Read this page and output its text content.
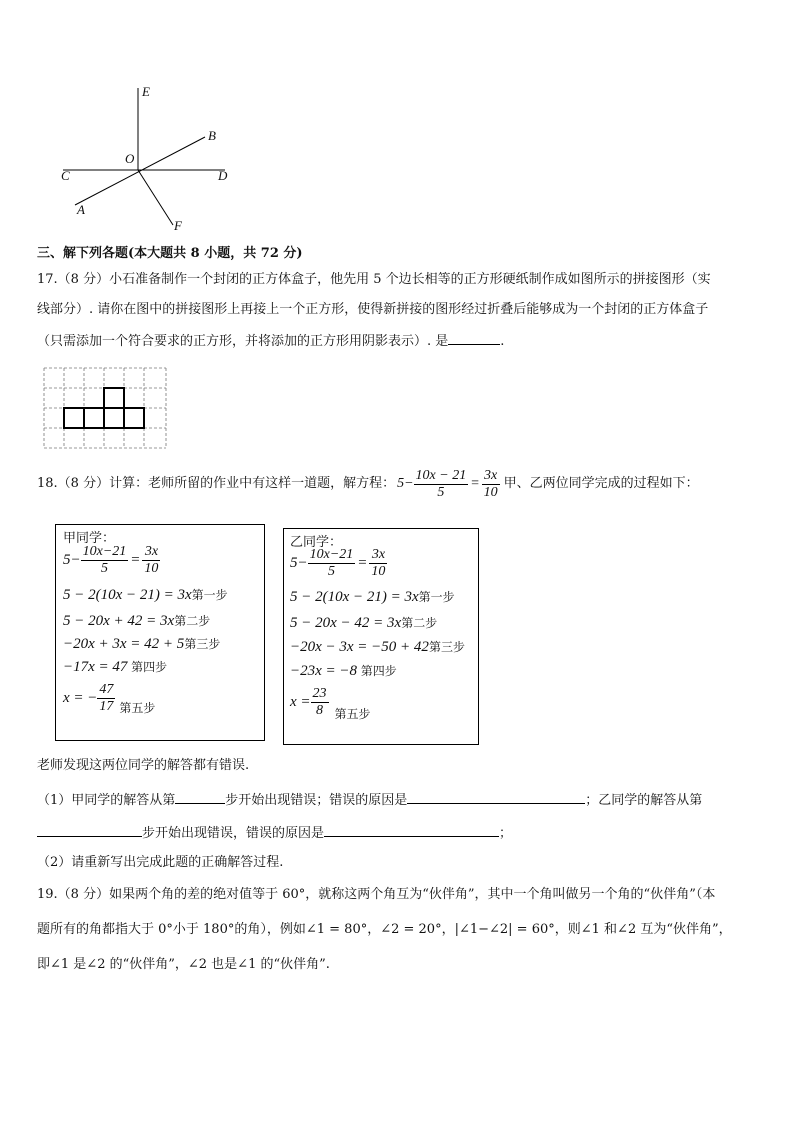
E
B
O
C	D
A
F
三、解下列各题(本大题共 8 小题，共 72 分)
17.（8 分）小石准备制作一个封闭的正方体盒子，他先用 5 个边长相等的正方形硬纸制作成如图所示的拼接图形（实
线部分）. 请你在图中的拼接图形上再接上一个正方形，使得新拼接的图形经过折叠后能够成为一个封闭的正方体盒子
（只需添加一个符合要求的正方形，并将添加的正方形用阴影表示）. 是	.
18.（8 分）计算：老师所留的作业中有这样一道题，解方程： $5- \frac{10x - 21}{5} = \frac{3x}{10}$ 甲、乙两位同学完成的过程如下：
甲同学：
$5- \frac{10x-21}{5} = \frac{3x}{10}$
5 − 2(10x − 21) = 3x第一步
5 − 20x + 42 = 3x第二步
−20x + 3x = 42 + 5第三步
−17x = 47 第四步
x = − $\frac{47}{17}$ 第五步
乙同学：
$5- \frac{10x-21}{5} = \frac{3x}{10}$
5 − 2(10x − 21) = 3x第一步
5 − 20x − 42 = 3x第二步
−20x − 3x = −50 + 42第三步
−23x = −8 第四步
$x = \frac{23}{8}$ 第五步
老师发现这两位同学的解答都有错误.
（1）甲同学的解答从第	步开始出现错误；错误的原因是	；乙同学的解答从第
步开始出现错误，错误的原因是	；
（2）请重新写出完成此题的正确解答过程.
19.（8 分）如果两个角的差的绝对值等于 60°，就称这两个角互为“伙伴角”，其中一个角叫做另一个角的“伙伴角”（本
题所有的角都指大于 0°小于 180°的角），例如∠1 = 80°，∠2 = 20°，|∠1−∠2| = 60°，则∠1 和∠2 互为“伙伴角”，
即∠1 是∠2 的“伙伴角”，∠2 也是∠1 的“伙伴角”.
